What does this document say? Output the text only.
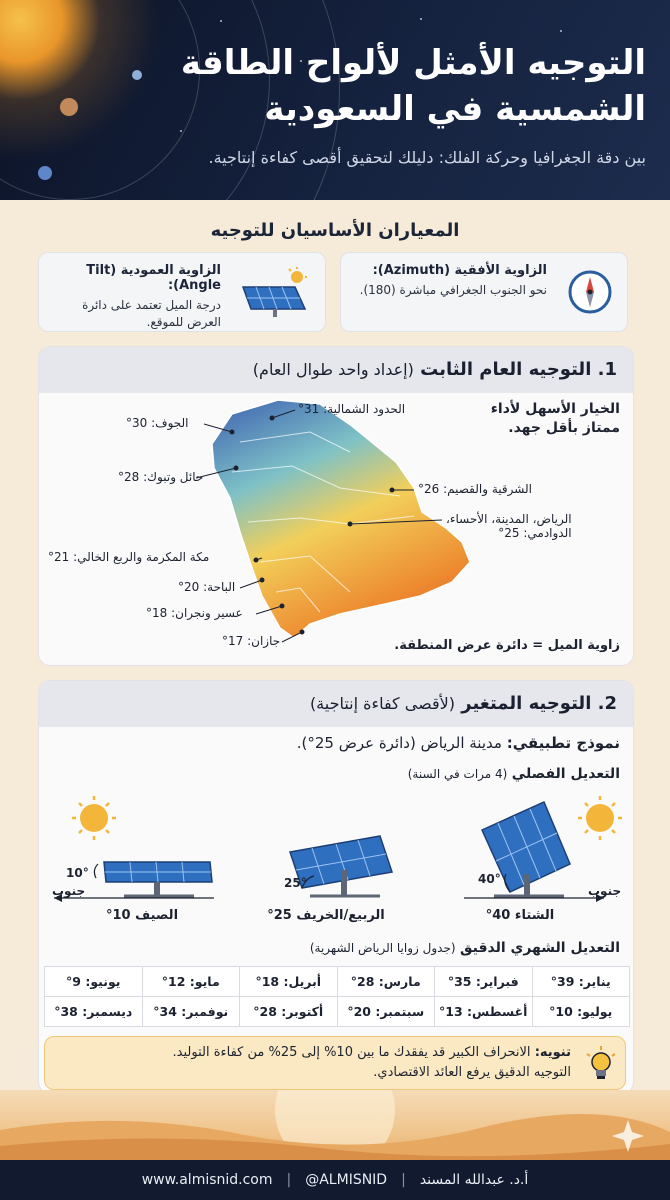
التوجيه الأمثل لألواح الطاقة
الشمسية في السعودية
بين دقة الجغرافيا وحركة الفلك: دليلك لتحقيق أقصى كفاءة إنتاجية.
المعياران الأساسيان للتوجيه
الزاوية الأفقية (Azimuth):
نحو الجنوب الجغرافي مباشرة (180).
الزاوية العمودية (Tilt Angle):
درجة الميل تعتمد على دائرة
العرض للموقع.
1. التوجيه العام الثابت (إعداد واحد طوال العام)
الخيار الأسهل لأداء
ممتاز بأقل جهد.
الحدود الشمالية: 31°
الجوف: 30°
حائل وتبوك: 28°
الشرقية والقصيم: 26°
الرياض، المدينة، الأحساء،
الدوادمي: 25°
مكة المكرمة والربع الخالي: 21°
الباحة: 20°
عسير ونجران: 18°
جازان: 17°	زاوية الميل = دائرة عرض المنطقة.
2. التوجيه المتغير (لأقصى كفاءة إنتاجية)
نموذج تطبيقي: مدينة الرياض (دائرة عرض 25°).
التعديل الفصلي (4 مرات في السنة)
10°
جنوب
25°	40°
جنوب
الشتاء 40°
الربيع/الخريف 25°
الصيف 10°
التعديل الشهري الدقيق (جدول زوايا الرياض الشهرية)
يناير: 39°	فبراير: 35°	مارس: 28°	أبريل: 18°	مايو: 12°	يونيو: 9°
يوليو: 10°	أغسطس: 13°	سبتمبر: 20°	أكتوبر: 28°	نوفمبر: 34°	ديسمبر: 38°
تنويه: الانحراف الكبير قد يفقدك ما بين 10% إلى 25% من كفاءة التوليد.
التوجيه الدقيق يرفع العائد الاقتصادي.
www.almisnid.com | @ALMISNID | أ.د. عبدالله المسند
